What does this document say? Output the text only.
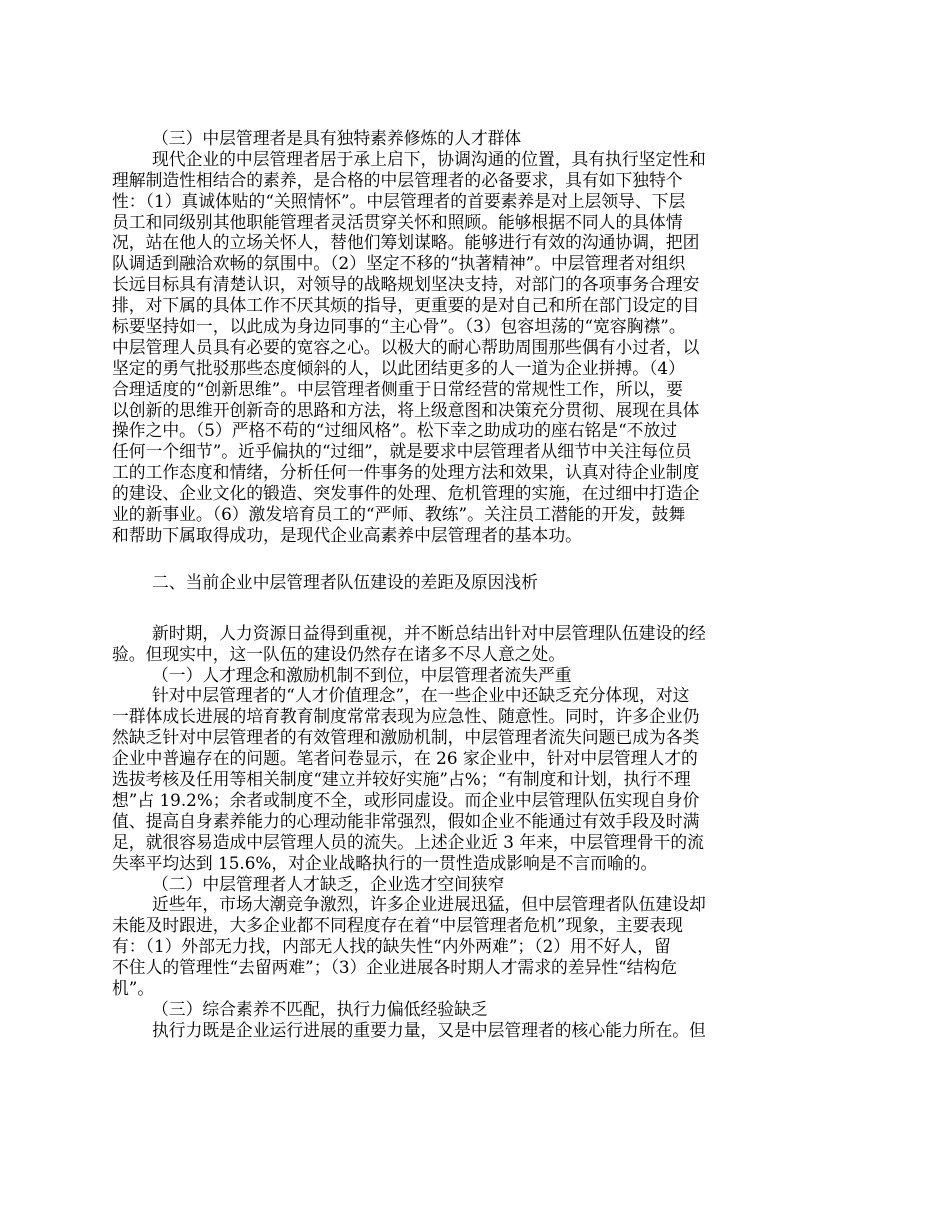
（三）中层管理者是具有独特素养修炼的人才群体
现代企业的中层管理者居于承上启下，协调沟通的位置，具有执行坚定性和
理解制造性相结合的素养，是合格的中层管理者的必备要求，具有如下独特个
性：（1）真诚体贴的“关照情怀”。中层管理者的首要素养是对上层领导、下层
员工和同级别其他职能管理者灵活贯穿关怀和照顾。能够根据不同人的具体情
况，站在他人的立场关怀人，替他们筹划谋略。能够进行有效的沟通协调，把团
队调适到融洽欢畅的氛围中。（2）坚定不移的“执著精神”。中层管理者对组织
长远目标具有清楚认识，对领导的战略规划坚决支持，对部门的各项事务合理安
排，对下属的具体工作不厌其烦的指导，更重要的是对自己和所在部门设定的目
标要坚持如一，以此成为身边同事的“主心骨”。（3）包容坦荡的“宽容胸襟”。
中层管理人员具有必要的宽容之心。以极大的耐心帮助周围那些偶有小过者，以
坚定的勇气批驳那些态度倾斜的人，以此团结更多的人一道为企业拼搏。（4）
合理适度的“创新思维”。中层管理者侧重于日常经营的常规性工作，所以，要
以创新的思维开创新奇的思路和方法，将上级意图和决策充分贯彻、展现在具体
操作之中。（5）严格不苟的“过细风格”。松下幸之助成功的座右铭是“不放过
任何一个细节”。近乎偏执的“过细”，就是要求中层管理者从细节中关注每位员
工的工作态度和情绪，分析任何一件事务的处理方法和效果，认真对待企业制度
的建设、企业文化的锻造、突发事件的处理、危机管理的实施，在过细中打造企
业的新事业。（6）激发培育员工的“严师、教练”。关注员工潜能的开发，鼓舞
和帮助下属取得成功，是现代企业高素养中层管理者的基本功。
二、当前企业中层管理者队伍建设的差距及原因浅析
新时期，人力资源日益得到重视，并不断总结出针对中层管理队伍建设的经
验。但现实中，这一队伍的建设仍然存在诸多不尽人意之处。
（一）人才理念和激励机制不到位，中层管理者流失严重
针对中层管理者的“人才价值理念”，在一些企业中还缺乏充分体现，对这
一群体成长进展的培育教育制度常常表现为应急性、随意性。同时，许多企业仍
然缺乏针对中层管理者的有效管理和激励机制，中层管理者流失问题已成为各类
企业中普遍存在的问题。笔者问卷显示，在 26 家企业中，针对中层管理人才的
选拔考核及任用等相关制度“建立并较好实施”占%；“有制度和计划，执行不理
想”占 19.2%；余者或制度不全，或形同虚设。而企业中层管理队伍实现自身价
值、提高自身素养能力的心理动能非常强烈，假如企业不能通过有效手段及时满
足，就很容易造成中层管理人员的流失。上述企业近 3 年来，中层管理骨干的流
失率平均达到 15.6%，对企业战略执行的一贯性造成影响是不言而喻的。
（二）中层管理者人才缺乏，企业选才空间狭窄
近些年，市场大潮竞争激烈，许多企业进展迅猛，但中层管理者队伍建设却
未能及时跟进，大多企业都不同程度存在着“中层管理者危机”现象，主要表现
有：（1）外部无力找，内部无人找的缺失性“内外两难”；（2）用不好人，留
不住人的管理性“去留两难”；（3）企业进展各时期人才需求的差异性“结构危
机”。
（三）综合素养不匹配，执行力偏低经验缺乏
执行力既是企业运行进展的重要力量，又是中层管理者的核心能力所在。但
